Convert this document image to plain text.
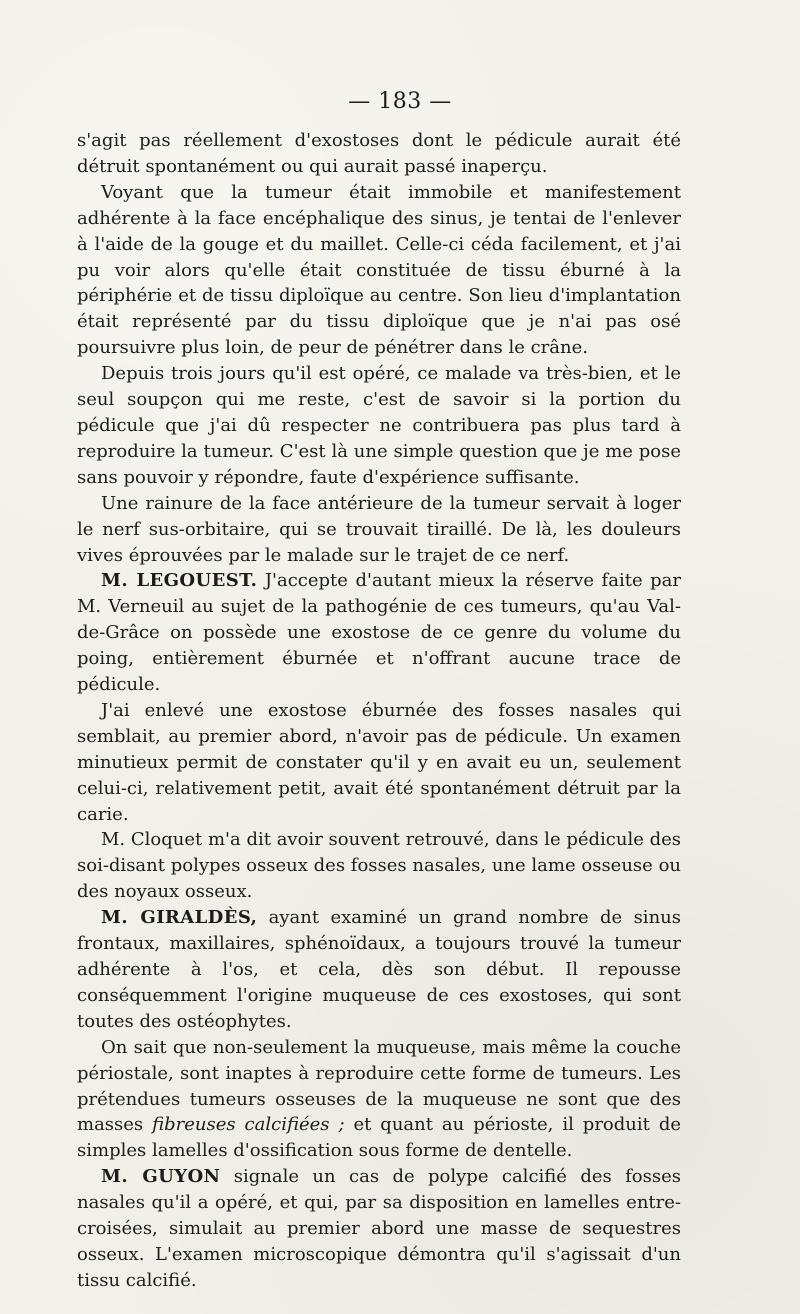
— 183 —

s'agit pas réellement d'exostoses dont le pédicule aurait été détruit spontanément ou qui aurait passé inaperçu.

Voyant que la tumeur était immobile et manifestement adhérente à la face encéphalique des sinus, je tentai de l'enlever à l'aide de la gouge et du maillet. Celle-ci céda facilement, et j'ai pu voir alors qu'elle était constituée de tissu éburné à la périphérie et de tissu diploïque au centre. Son lieu d'implantation était représenté par du tissu diploïque que je n'ai pas osé poursuivre plus loin, de peur de pénétrer dans le crâne.

Depuis trois jours qu'il est opéré, ce malade va très-bien, et le seul soupçon qui me reste, c'est de savoir si la portion du pédicule que j'ai dû respecter ne contribuera pas plus tard à reproduire la tumeur. C'est là une simple question que je me pose sans pouvoir y répondre, faute d'expérience suffisante.

Une rainure de la face antérieure de la tumeur servait à loger le nerf sus-orbitaire, qui se trouvait tiraillé. De là, les douleurs vives éprouvées par le malade sur le trajet de ce nerf.

M. LEGOUEST. J'accepte d'autant mieux la réserve faite par M. Verneuil au sujet de la pathogénie de ces tumeurs, qu'au Val-de-Grâce on possède une exostose de ce genre du volume du poing, entièrement éburnée et n'offrant aucune trace de pédicule.

J'ai enlevé une exostose éburnée des fosses nasales qui semblait, au premier abord, n'avoir pas de pédicule. Un examen minutieux permit de constater qu'il y en avait eu un, seulement celui-ci, relativement petit, avait été spontanément détruit par la carie.

M. Cloquet m'a dit avoir souvent retrouvé, dans le pédicule des soi-disant polypes osseux des fosses nasales, une lame osseuse ou des noyaux osseux.

M. GIRALDÈS, ayant examiné un grand nombre de sinus frontaux, maxillaires, sphénoïdaux, a toujours trouvé la tumeur adhérente à l'os, et cela, dès son début. Il repousse conséquemment l'origine muqueuse de ces exostoses, qui sont toutes des ostéophytes.

On sait que non-seulement la muqueuse, mais même la couche périostale, sont inaptes à reproduire cette forme de tumeurs. Les prétendues tumeurs osseuses de la muqueuse ne sont que des masses fibreuses calcifiées ; et quant au périoste, il produit de simples lamelles d'ossification sous forme de dentelle.

M. GUYON signale un cas de polype calcifié des fosses nasales qu'il a opéré, et qui, par sa disposition en lamelles entre-croisées, simulait au premier abord une masse de sequestres osseux. L'examen microscopique démontra qu'il s'agissait d'un tissu calcifié.
